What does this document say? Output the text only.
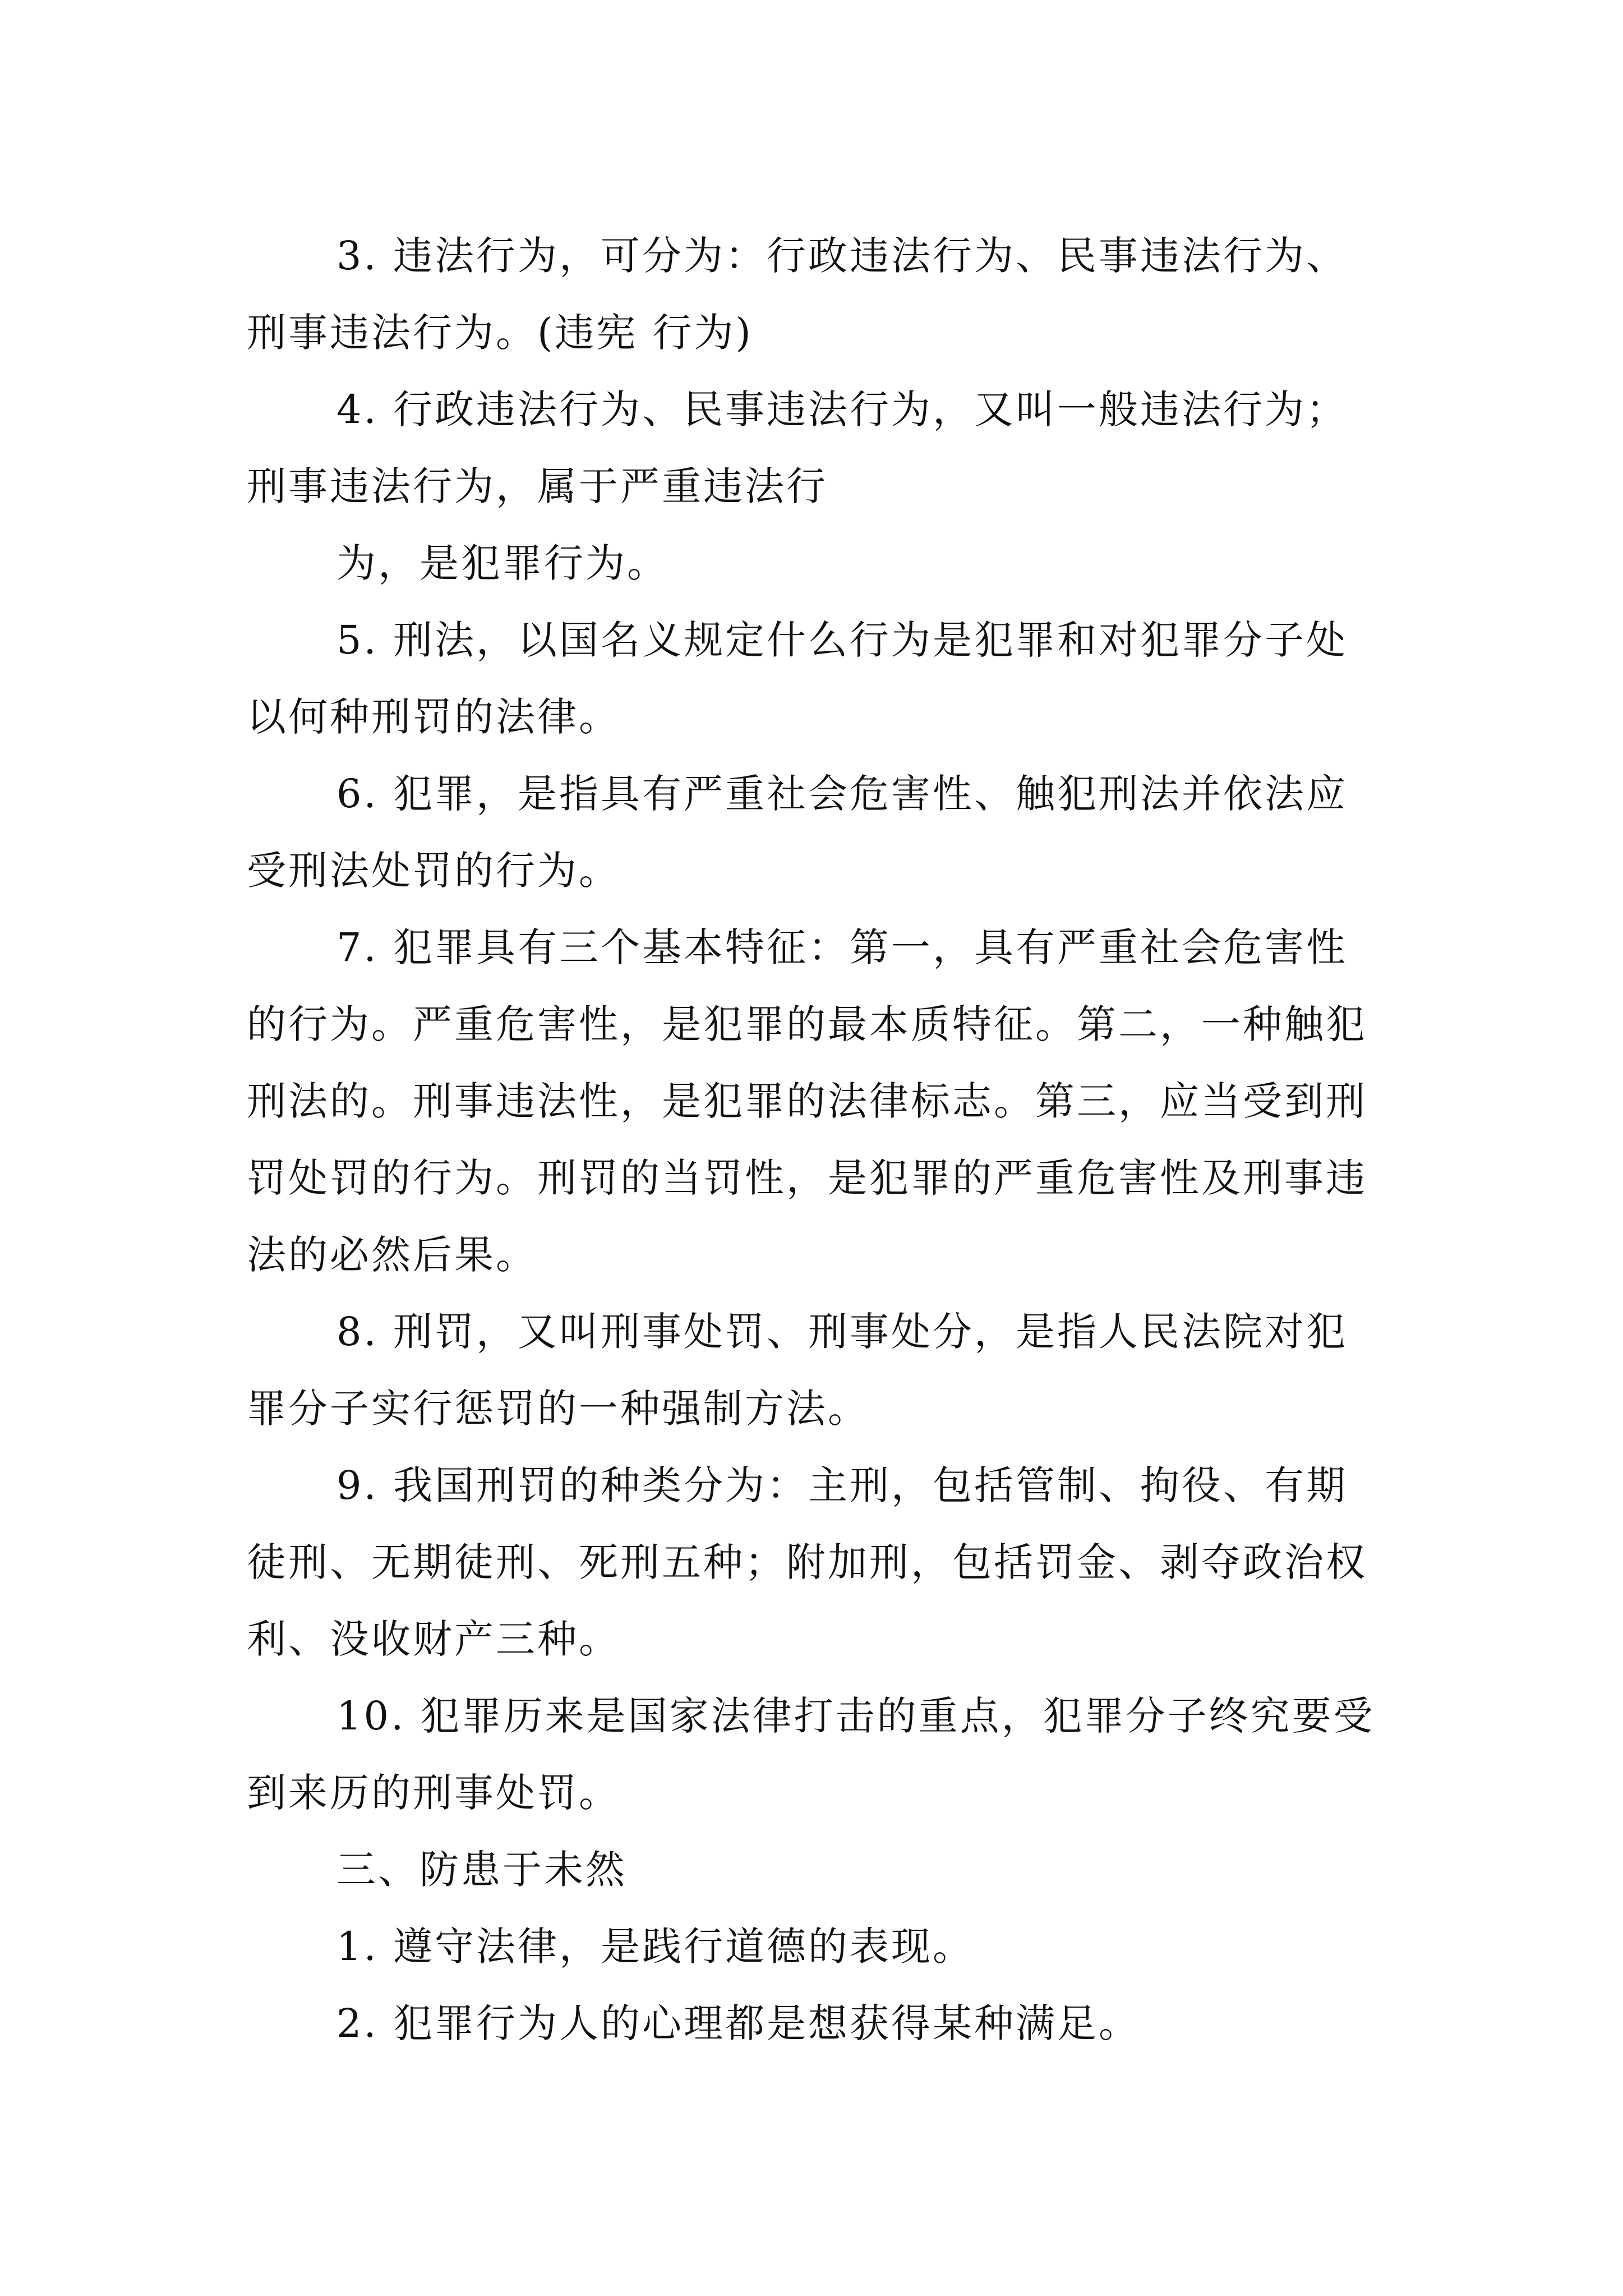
3. 违法行为，可分为：行政违法行为、民事违法行为、刑事违法行为。(违宪 行为)

4. 行政违法行为、民事违法行为，又叫一般违法行为；刑事违法行为，属于严重违法行

为，是犯罪行为。

5. 刑法，以国名义规定什么行为是犯罪和对犯罪分子处以何种刑罚的法律。

6. 犯罪，是指具有严重社会危害性、触犯刑法并依法应受刑法处罚的行为。

7. 犯罪具有三个基本特征：第一，具有严重社会危害性的行为。严重危害性，是犯罪的最本质特征。第二，一种触犯刑法的。刑事违法性，是犯罪的法律标志。第三，应当受到刑罚处罚的行为。刑罚的当罚性，是犯罪的严重危害性及刑事违法的必然后果。

8. 刑罚，又叫刑事处罚、刑事处分，是指人民法院对犯罪分子实行惩罚的一种强制方法。

9. 我国刑罚的种类分为：主刑，包括管制、拘役、有期徒刑、无期徒刑、死刑五种；附加刑，包括罚金、剥夺政治权利、没收财产三种。

10. 犯罪历来是国家法律打击的重点，犯罪分子终究要受到来历的刑事处罚。

三、防患于未然

1. 遵守法律，是践行道德的表现。

2. 犯罪行为人的心理都是想获得某种满足。
